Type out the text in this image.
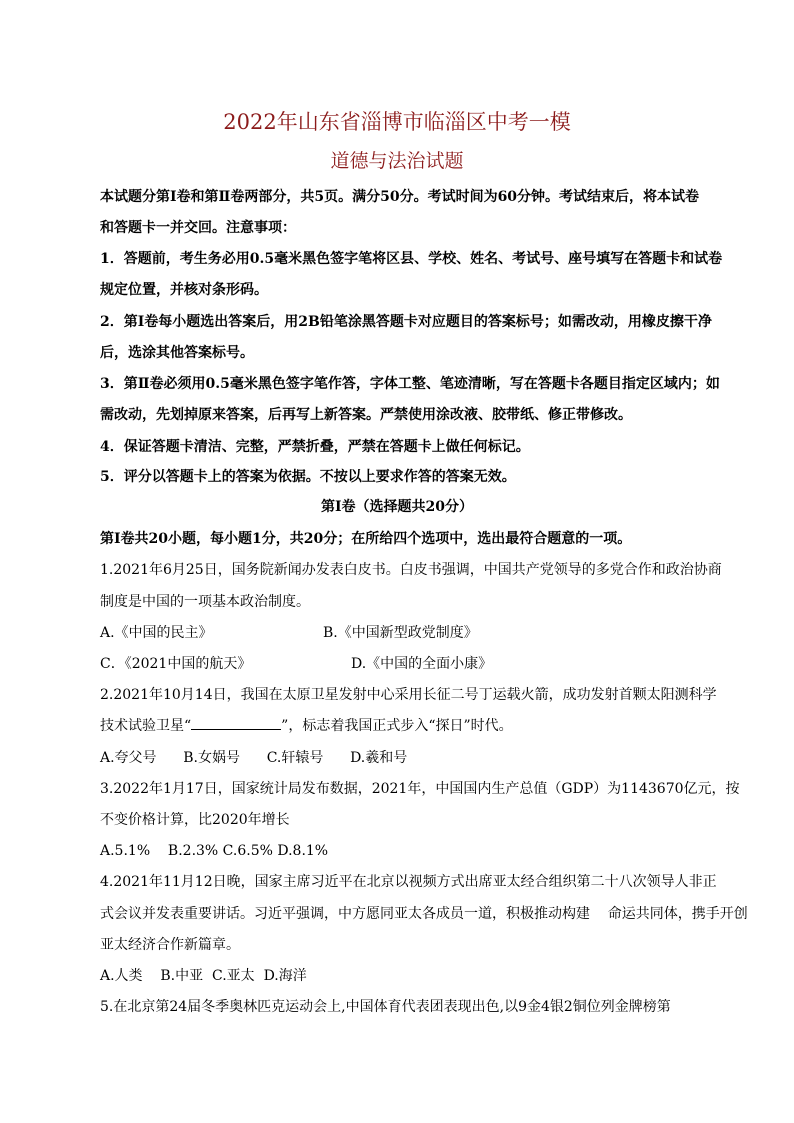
2022年山东省淄博市临淄区中考一模
道德与法治试题
本试题分第Ⅰ卷和第Ⅱ卷两部分，共5页。满分50分。考试时间为60分钟。考试结束后，将本试卷
和答题卡一并交回。注意事项：
1．答题前，考生务必用0.5毫米黑色签字笔将区县、学校、姓名、考试号、座号填写在答题卡和试卷
规定位置，并核对条形码。
2．第Ⅰ卷每小题选出答案后，用2B铅笔涂黑答题卡对应题目的答案标号；如需改动，用橡皮擦干净
后，选涂其他答案标号。
3．第Ⅱ卷必须用0.5毫米黑色签字笔作答，字体工整、笔迹清晰，写在答题卡各题目指定区域内；如
需改动，先划掉原来答案，后再写上新答案。严禁使用涂改液、胶带纸、修正带修改。
4．保证答题卡清洁、完整，严禁折叠，严禁在答题卡上做任何标记。
5．评分以答题卡上的答案为依据。不按以上要求作答的答案无效。
第Ⅰ卷（选择题共20分）
第Ⅰ卷共20小题，每小题1分，共20分；在所给四个选项中，选出最符合题意的一项。
1.2021年6月25日，国务院新闻办发表白皮书。白皮书强调，中国共产党领导的多党合作和政治协商
制度是中国的一项基本政治制度。
A.《中国的民主》	B.《中国新型政党制度》
C．《2021中国的航天》	D.《中国的全面小康》
2.2021年10月14日，我国在太原卫星发射中心采用长征二号丁运载火箭，成功发射首颗太阳测科学
技术试验卫星“	”，标志着我国正式步入“探日”时代。
A.夸父号      B.女娲号      C.轩辕号      D.羲和号
3.2022年1月17日，国家统计局发布数据，2021年，中国国内生产总值（GDP）为1143670亿元，按
不变价格计算，比2020年增长
A.5.1%    B.2.3% C.6.5% D.8.1%
4.2021年11月12日晚，国家主席习近平在北京以视频方式出席亚太经合组织第二十八次领导人非正
式会议并发表重要讲话。习近平强调，中方愿同亚太各成员一道，积极推动构建    命运共同体，携手开创
亚太经济合作新篇章。
A.人类    B.中亚  C.亚太  D.海洋
5.在北京第24届冬季奥林匹克运动会上,中国体育代表团表现出色,以9金4银2铜位列金牌榜第
